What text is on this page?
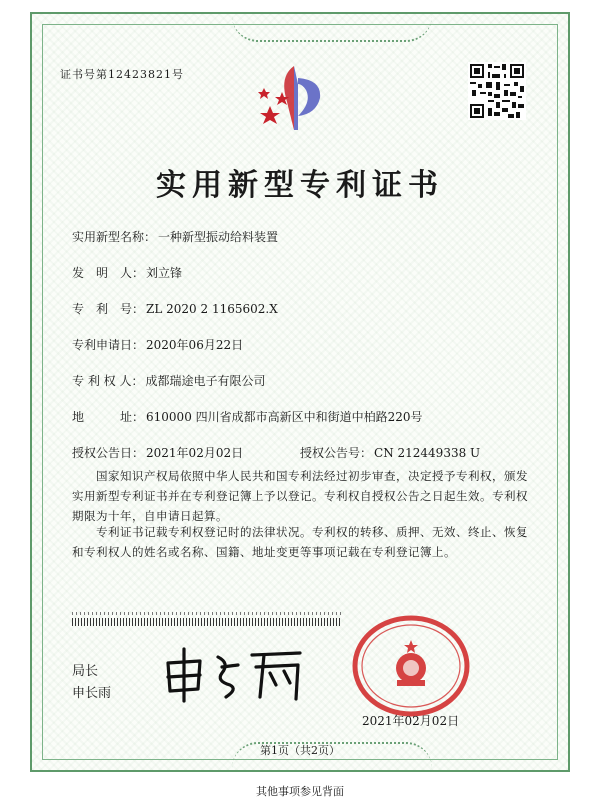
证书号第12423821号
实用新型专利证书
实用新型名称： 一种新型振动给料装置
发　明　人： 刘立锋
专　利　号： ZL 2020 2 1165602.X
专利申请日： 2020年06月22日
专 利 权 人： 成都瑞途电子有限公司
地　　　址： 610000 四川省成都市高新区中和街道中柏路220号
授权公告日： 2021年02月02日	授权公告号： CN 212449338 U
国家知识产权局依照中华人民共和国专利法经过初步审查，决定授予专利权，颁发实用新型专利证书并在专利登记簿上予以登记。专利权自授权公告之日起生效。专利权期限为十年，自申请日起算。
专利证书记载专利权登记时的法律状况。专利权的转移、质押、无效、终止、恢复和专利权人的姓名或名称、国籍、地址变更等事项记载在专利登记簿上。
局长
申长雨
2021年02月02日
第1页（共2页）
其他事项参见背面
